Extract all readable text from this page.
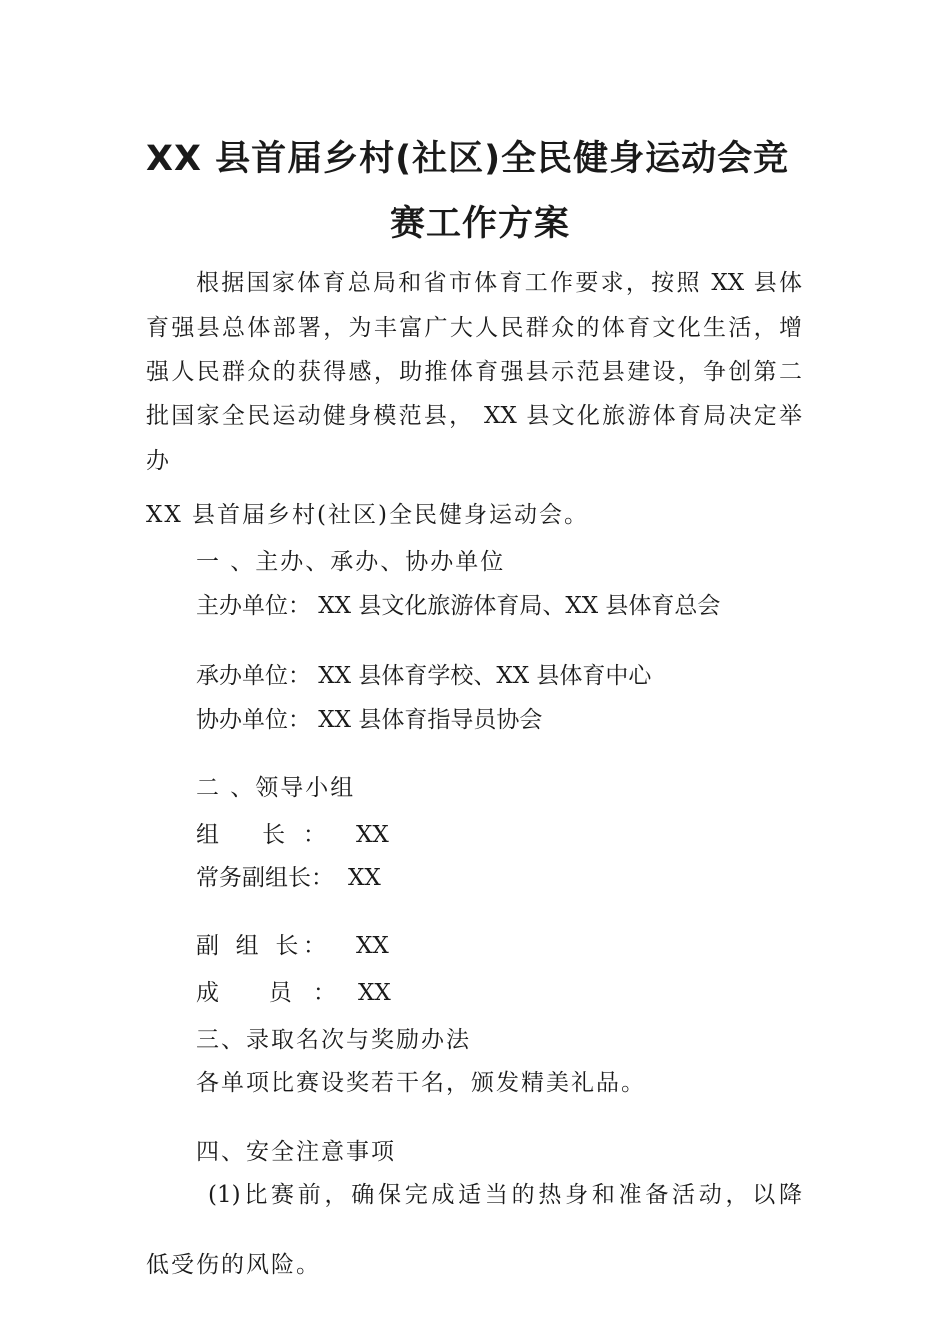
XX 县首届乡村(社区)全民健身运动会竞
赛工作方案
根据国家体育总局和省市体育工作要求，按照 XX 县体
育强县总体部署，为丰富广大人民群众的体育文化生活，增
强人民群众的获得感，助推体育强县示范县建设，争创第二
批国家全民运动健身模范县， XX 县文化旅游体育局决定举
办
XX 县首届乡村(社区)全民健身运动会。
一 、主办、承办、协办单位
主办单位： XX 县文化旅游体育局、XX 县体育总会
承办单位： XX 县体育学校、XX 县体育中心
协办单位： XX 县体育指导员协会
二 、领导小组
组 长： XX
常务副组长： XX
副 组 长： XX
成 员： XX
三、录取名次与奖励办法
各单项比赛设奖若干名，颁发精美礼品。
四、安全注意事项
(1)比赛前，确保完成适当的热身和准备活动，以降
低受伤的风险。
